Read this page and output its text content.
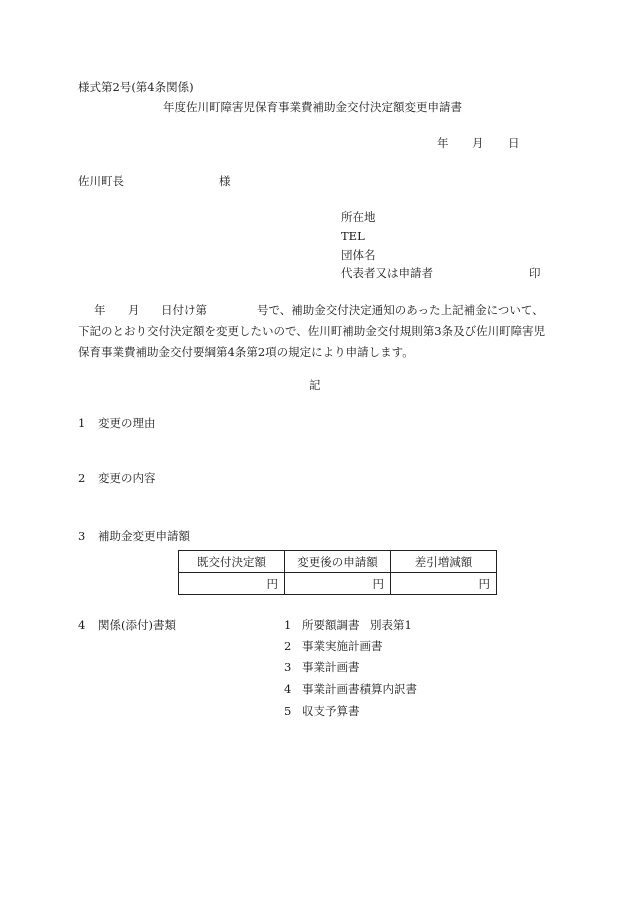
様式第2号(第4条関係)
年度佐川町障害児保育事業費補助金交付決定額変更申請書
年 月 日
佐川町長	様
所在地
TEL
団体名
代表者又は申請者	印
年 月 日付け第	号で、補助金交付決定通知のあった上記補金について、
下記のとおり交付決定額を変更したいので、佐川町補助金交付規則第3条及び佐川町障害児
保育事業費補助金交付要綱第4条第2項の規定により申請します。
記
1 変更の理由
2 変更の内容
3 補助金変更申請額
既交付決定額	変更後の申請額	差引増減額
円	円	円
4 関係(添付)書類	1 所要額調書 別表第1
2 事業実施計画書
3 事業計画書
4 事業計画書積算内訳書
5 収支予算書
